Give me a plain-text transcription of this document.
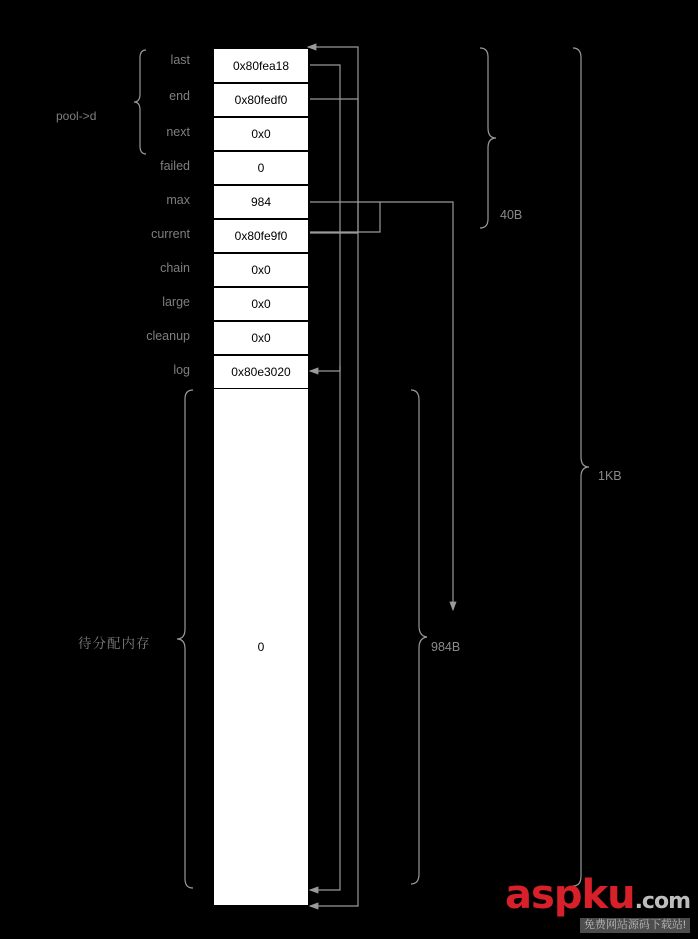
pool->d
last
end
next
failed
max
current
chain
large
cleanup
log
0x80fea18
0x80fedf0
0x0
0
984
0x80fe9f0
0x0
0x0
0x0
0x80e3020
0
待分配内存
40B
984B
1KB
aspku.com
免费网站源码下载站!
